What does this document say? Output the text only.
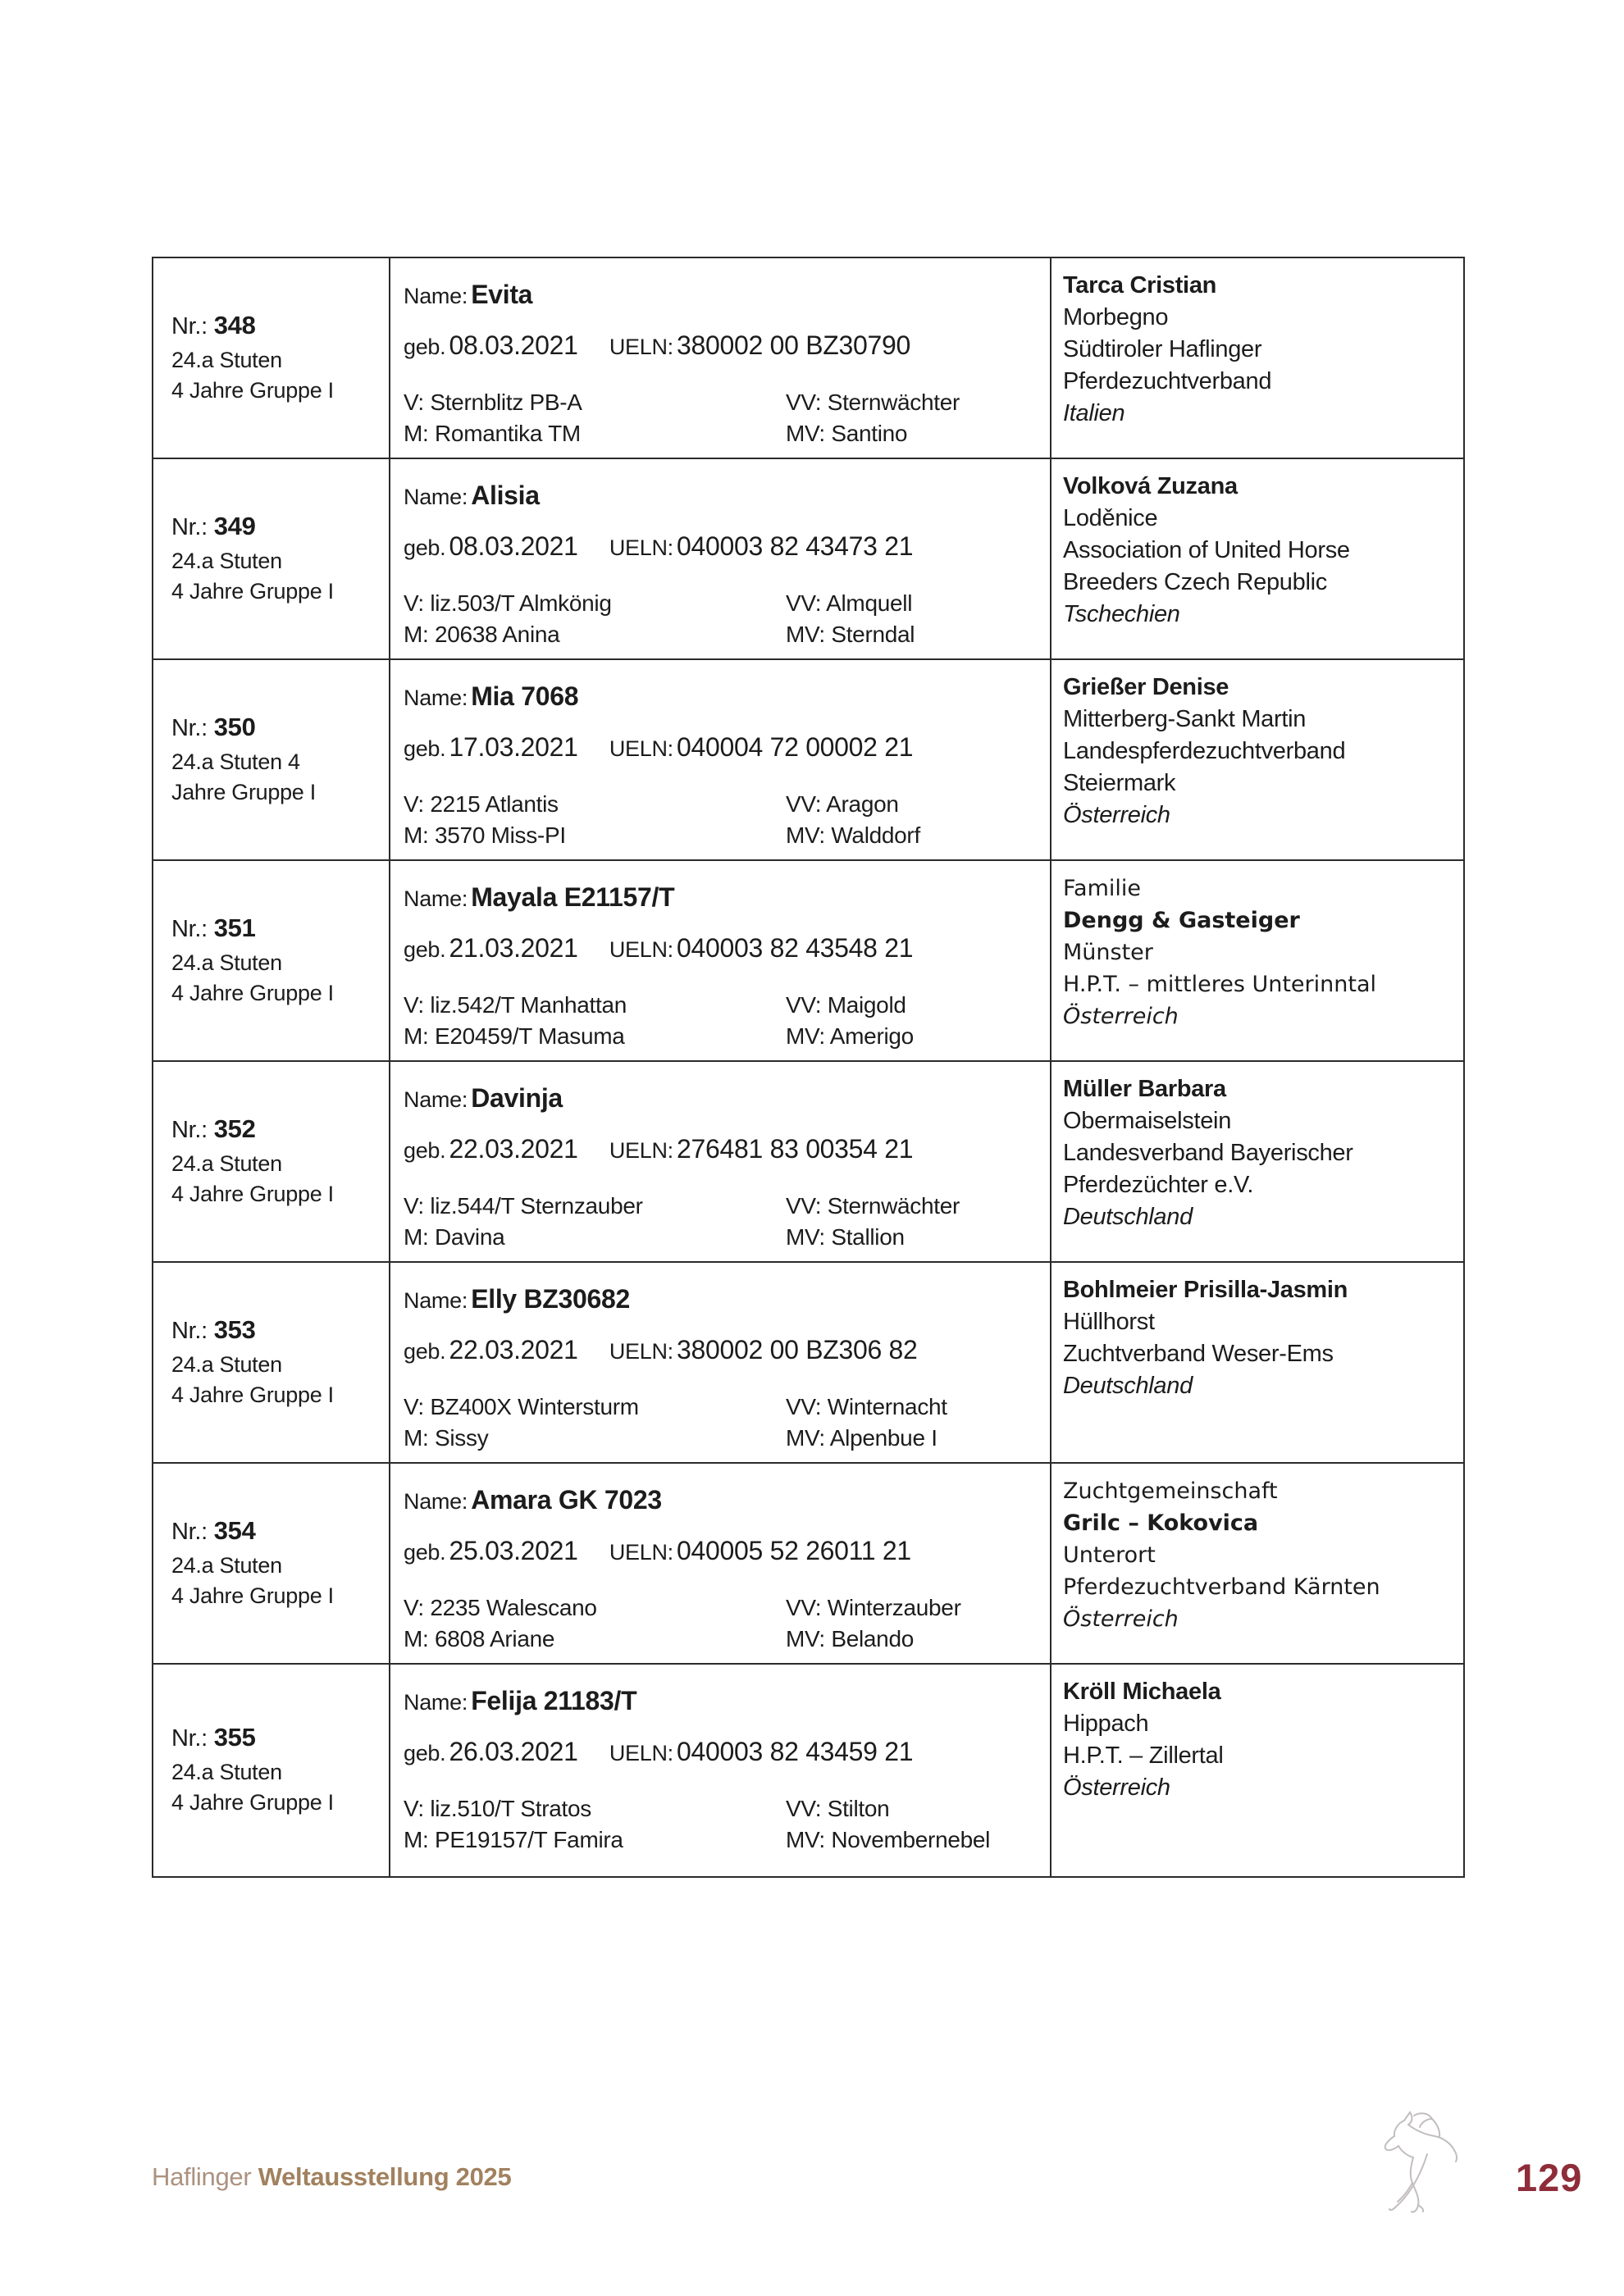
Nr.: 348
24.a Stuten
4 Jahre Gruppe I
Name: Evita
geb. 08.03.2021 UELN: 380002 00 BZ30790
V: Sternblitz PB-A	VV: Sternwächter
M: Romantika TM	MV: Santino
Tarca Cristian
Morbegno
Südtiroler Haflinger
Pferdezuchtverband
Italien
Nr.: 349
24.a Stuten
4 Jahre Gruppe I
Name: Alisia
geb. 08.03.2021 UELN: 040003 82 43473 21
V: liz.503/T Almkönig	VV: Almquell
M: 20638 Anina	MV: Sterndal
Volková Zuzana
Loděnice
Association of United Horse
Breeders Czech Republic
Tschechien
Nr.: 350
24.a Stuten 4
Jahre Gruppe I
Name: Mia 7068
geb. 17.03.2021 UELN: 040004 72 00002 21
V: 2215 Atlantis	VV: Aragon
M: 3570 Miss-PI	MV: Walddorf
Grießer Denise
Mitterberg-Sankt Martin
Landespferdezuchtverband
Steiermark
Österreich
Nr.: 351
24.a Stuten
4 Jahre Gruppe I
Name: Mayala E21157/T
geb. 21.03.2021 UELN: 040003 82 43548 21
V: liz.542/T Manhattan	VV: Maigold
M: E20459/T Masuma	MV: Amerigo
Familie
Dengg & Gasteiger
Münster
H.P.T. – mittleres Unterinntal
Österreich
Nr.: 352
24.a Stuten
4 Jahre Gruppe I
Name: Davinja
geb. 22.03.2021 UELN: 276481 83 00354 21
V: liz.544/T Sternzauber	VV: Sternwächter
M: Davina	MV: Stallion
Müller Barbara
Obermaiselstein
Landesverband Bayerischer
Pferdezüchter e.V.
Deutschland
Nr.: 353
24.a Stuten
4 Jahre Gruppe I
Name: Elly BZ30682
geb. 22.03.2021 UELN: 380002 00 BZ306 82
V: BZ400X Wintersturm	VV: Winternacht
M: Sissy	MV: Alpenbue I
Bohlmeier Prisilla-Jasmin
Hüllhorst
Zuchtverband Weser-Ems
Deutschland
Nr.: 354
24.a Stuten
4 Jahre Gruppe I
Name: Amara GK 7023
geb. 25.03.2021 UELN: 040005 52 26011 21
V: 2235 Walescano	VV: Winterzauber
M: 6808 Ariane	MV: Belando
Zuchtgemeinschaft
Grilc – Kokovica
Unterort
Pferdezuchtverband Kärnten
Österreich
Nr.: 355
24.a Stuten
4 Jahre Gruppe I
Name: Felija 21183/T
geb. 26.03.2021 UELN: 040003 82 43459 21
V: liz.510/T Stratos	VV: Stilton
M: PE19157/T Famira	MV: Novembernebel
Kröll Michaela
Hippach
H.P.T. – Zillertal
Österreich
Haflinger Weltausstellung 2025	129
